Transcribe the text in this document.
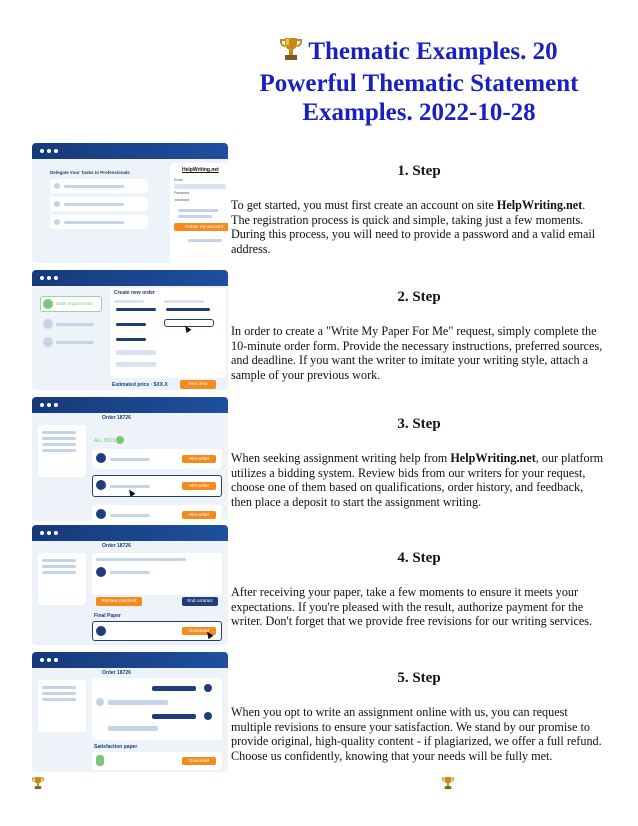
Thematic Examples. 20 Powerful Thematic Statement Examples. 2022-10-28
Delegate Your Tasks to Professionals	HelpWriting.net
Email
Password
••••••••••
Create my account
Order requirements
Create new order
Estimated price · $XX.X	Next step
Order 18726
ALL BIDS
Hire writer
Hire writer
Hire writer
Order 18726
Release payment	End contract
Final Paper
Download
Order 18726
Satisfaction paper
Download
1. Step

To get started, you must first create an account on site HelpWriting.net. The registration process is quick and simple, taking just a few moments. During this process, you will need to provide a password and a valid email address.

2. Step

In order to create a "Write My Paper For Me" request, simply complete the 10-minute order form. Provide the necessary instructions, preferred sources, and deadline. If you want the writer to imitate your writing style, attach a sample of your previous work.

3. Step

When seeking assignment writing help from HelpWriting.net, our platform utilizes a bidding system. Review bids from our writers for your request, choose one of them based on qualifications, order history, and feedback, then place a deposit to start the assignment writing.

4. Step

After receiving your paper, take a few moments to ensure it meets your expectations. If you're pleased with the result, authorize payment for the writer. Don't forget that we provide free revisions for our writing services.

5. Step

When you opt to write an assignment online with us, you can request multiple revisions to ensure your satisfaction. We stand by our promise to provide original, high-quality content - if plagiarized, we offer a full refund. Choose us confidently, knowing that your needs will be fully met.
